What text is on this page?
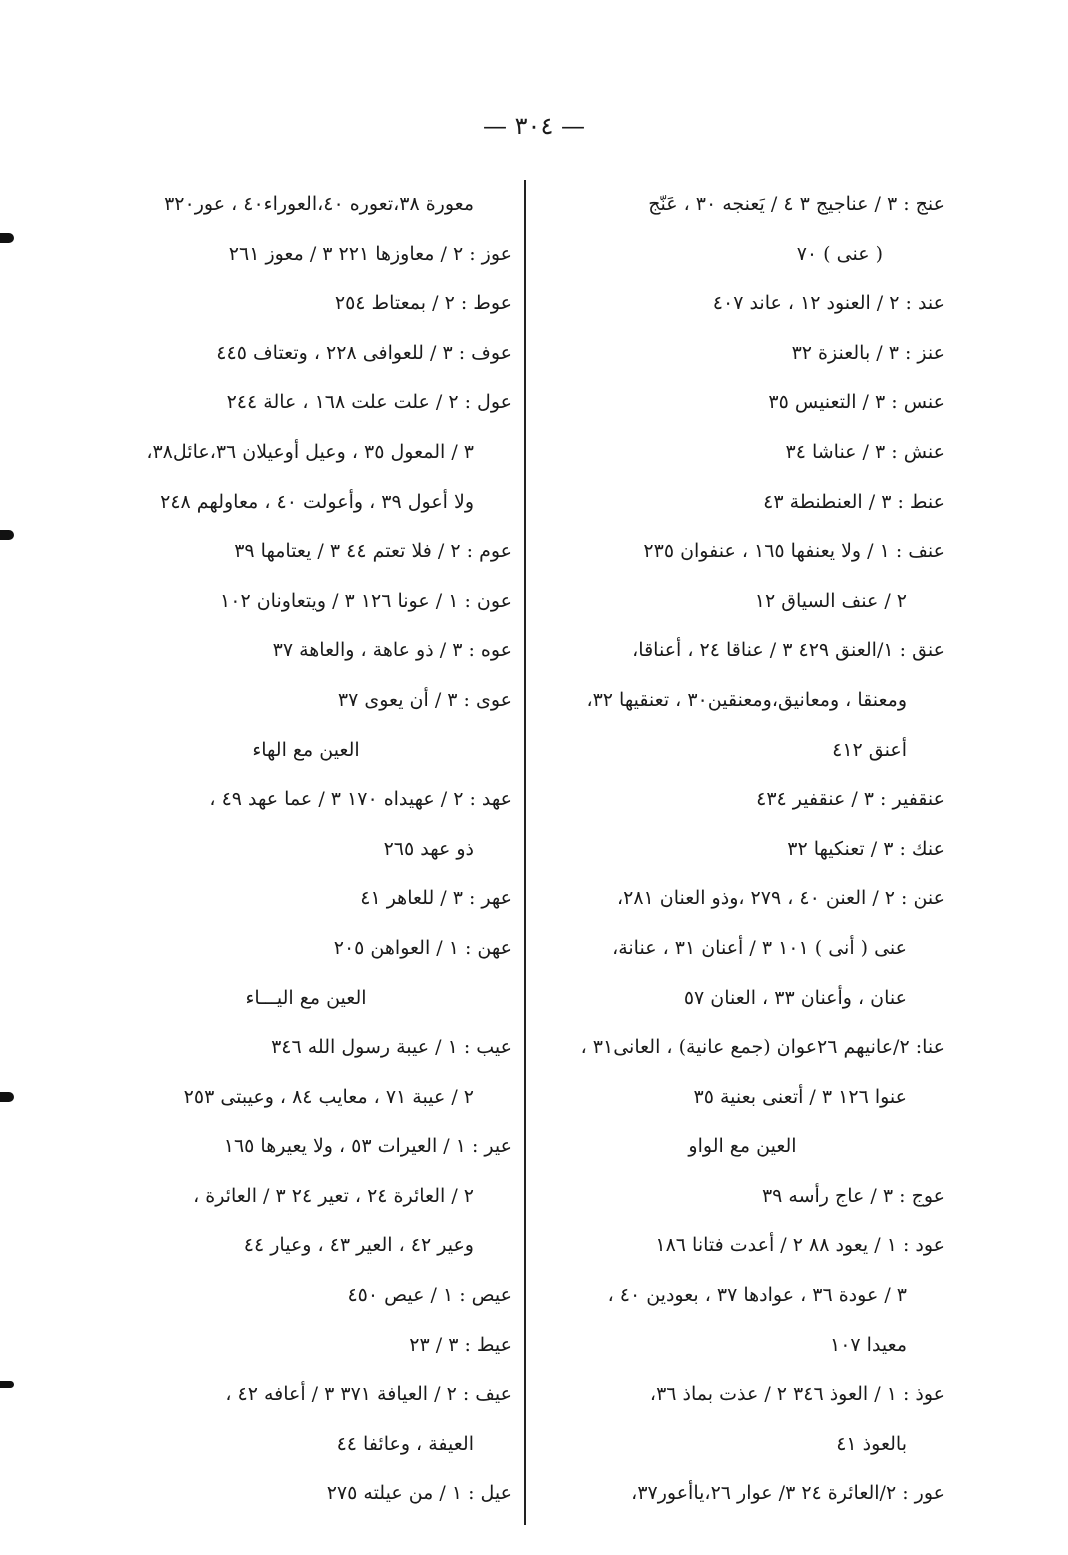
— ٣٠٤ —
عنج : ٣ / عناجيج ٣ ٤ / يَعنجه ٣٠ ، عَنّج
( عنى ) ٧٠
عند : ٢ / العنود ١٢ ، عاند ٤٠٧
عنز : ٣ / بالعنزة ٣٢
عنس : ٣ / التعنيس ٣٥
عنش : ٣ / عناشا ٣٤
عنط : ٣ / العنطنطة ٤٣
عنف : ١ / ولا يعنفها ١٦٥ ، عنفوان ٢٣٥
٢ / عنف السياق ١٢
عنق : ١/العنق ٤٢٩ ٣ / عناقا ٢٤ ، أعناقا،
ومعنقا ، ومعانيق،ومعنقين٣٠ ، تعنقيها ٣٢،
أعنق ٤١٢
عنقفير : ٣ / عنقفير ٤٣٤
عنك : ٣ / تعنكيها ٣٢
عنن : ٢ / العنن ٤٠ ، ٢٧٩ ،وذو العنان ٢٨١،
عنى ( أنى ) ١٠١ ٣ / أعنان ٣١ ، عنانة،
عنان ، وأعنان ٣٣ ، العنان ٥٧
عنا: ٢/عانيهم ٢٦عوان (جمع عانية) ، العانى٣١ ،
عنوا ١٢٦ ٣ / أتعنى بعنية ٣٥
العين مع الواو
عوج : ٣ / عاج رأسه ٣٩
عود : ١ / يعود ٨٨ ٢ / أعدت فتانا ١٨٦
٣ / عودة ٣٦ ، عوادها ٣٧ ، بعودين ٤٠ ،
معيدا ١٠٧
عوذ : ١ / العوذ ٣٤٦ ٢ / عذت بماذ ٣٦،
بالعوذ ٤١
عور : ٢/العائرة ٢٤ ٣/ عوار ٢٦،ياأعور٣٧،
معورة ٣٨،تعوره ٤٠،العوراء٤٠ ، عور٣٢٠
عوز : ٢ / معاوزها ٢٢١ ٣ / معوز ٢٦١
عوط : ٢ / بمعتاط ٢٥٤
عوف : ٣ / للعوافى ٢٢٨ ، وتعتاف ٤٤٥
عول : ٢ / علت علت ١٦٨ ، عالة ٢٤٤
٣ / المعول ٣٥ ، وعيل أوعيلان ٣٦،عائل٣٨،
ولا أعول ٣٩ ، وأعولت ٤٠ ، معاولهم ٢٤٨
عوم : ٢ / فلا تعتم ٤٤ ٣ / يعتامها ٣٩
عون : ١ / عونا ١٢٦ ٣ / ويتعاونان ١٠٢
عوه : ٣ / ذو عاهة ، والعاهة ٣٧
عوى : ٣ / أن يعوى ٣٧
العين مع الهاء
عهد : ٢ / عهيداه ١٧٠ ٣ / عما عهد ٤٩ ،
ذو عهد ٢٦٥
عهر : ٣ / للعاهر ٤١
عهن : ١ / العواهن ٢٠٥
العين مع اليـــاء
عيب : ١ / عيبة رسول الله ٣٤٦
٢ / عيبة ٧١ ، معايب ٨٤ ، وعيبتى ٢٥٣
عير : ١ / العيرات ٥٣ ، ولا يعيرها ١٦٥
٢ / العائرة ٢٤ ، تعير ٢٤ ٣ / العائرة ،
وعير ٤٢ ، العير ٤٣ ، وعيار ٤٤
عيص : ١ / عيص ٤٥٠
عيط : ٣ / ٢٣
عيف : ٢ / العيافة ٣٧١ ٣ / أعافه ٤٢ ،
العيفة ، وعائفا ٤٤
عيل : ١ / من عيلته ٢٧٥
